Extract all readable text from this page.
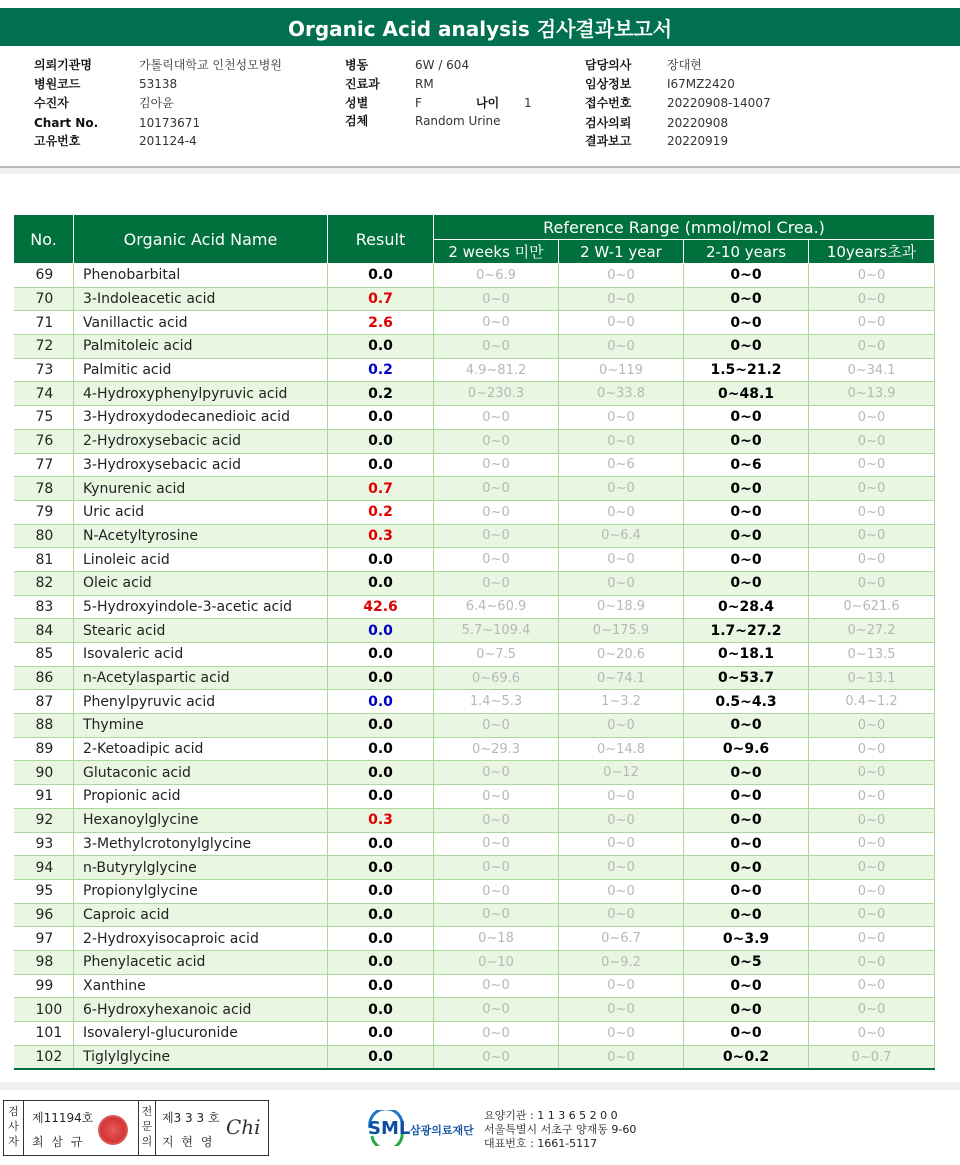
Organic Acid analysis 검사결과보고서
의뢰기관명	가톨릭대학교 인천성모병원
병원코드	53138
수진자	김아윤
Chart No.	10173671
고유번호	201124-4
병동	6W / 604
진료과	RM
성별	F	나이 1
검체	Random Urine
담당의사	장대현
임상정보	I67MZ2420
접수번호	20220908-14007
검사의뢰	20220908
결과보고	20220919
No.	Organic Acid Name	Result	Reference Range (mmol/mol Crea.)			
			2 weeks 미만	2 W-1 year	2-10 years	10years초과
69	Phenobarbital	0.0	0~6.9	0~0	0~0	0~0
70	3-Indoleacetic acid	0.7	0~0	0~0	0~0	0~0
71	Vanillactic acid	2.6	0~0	0~0	0~0	0~0
72	Palmitoleic acid	0.0	0~0	0~0	0~0	0~0
73	Palmitic acid	0.2	4.9~81.2	0~119	1.5~21.2	0~34.1
74	4-Hydroxyphenylpyruvic acid	0.2	0~230.3	0~33.8	0~48.1	0~13.9
75	3-Hydroxydodecanedioic acid	0.0	0~0	0~0	0~0	0~0
76	2-Hydroxysebacic acid	0.0	0~0	0~0	0~0	0~0
77	3-Hydroxysebacic acid	0.0	0~0	0~6	0~6	0~0
78	Kynurenic acid	0.7	0~0	0~0	0~0	0~0
79	Uric acid	0.2	0~0	0~0	0~0	0~0
80	N-Acetyltyrosine	0.3	0~0	0~6.4	0~0	0~0
81	Linoleic acid	0.0	0~0	0~0	0~0	0~0
82	Oleic acid	0.0	0~0	0~0	0~0	0~0
83	5-Hydroxyindole-3-acetic acid	42.6	6.4~60.9	0~18.9	0~28.4	0~621.6
84	Stearic acid	0.0	5.7~109.4	0~175.9	1.7~27.2	0~27.2
85	Isovaleric acid	0.0	0~7.5	0~20.6	0~18.1	0~13.5
86	n-Acetylaspartic acid	0.0	0~69.6	0~74.1	0~53.7	0~13.1
87	Phenylpyruvic acid	0.0	1.4~5.3	1~3.2	0.5~4.3	0.4~1.2
88	Thymine	0.0	0~0	0~0	0~0	0~0
89	2-Ketoadipic acid	0.0	0~29.3	0~14.8	0~9.6	0~0
90	Glutaconic acid	0.0	0~0	0~12	0~0	0~0
91	Propionic acid	0.0	0~0	0~0	0~0	0~0
92	Hexanoylglycine	0.3	0~0	0~0	0~0	0~0
93	3-Methylcrotonylglycine	0.0	0~0	0~0	0~0	0~0
94	n-Butyrylglycine	0.0	0~0	0~0	0~0	0~0
95	Propionylglycine	0.0	0~0	0~0	0~0	0~0
96	Caproic acid	0.0	0~0	0~0	0~0	0~0
97	2-Hydroxyisocaproic acid	0.0	0~18	0~6.7	0~3.9	0~0
98	Phenylacetic acid	0.0	0~10	0~9.2	0~5	0~0
99	Xanthine	0.0	0~0	0~0	0~0	0~0
100	6-Hydroxyhexanoic acid	0.0	0~0	0~0	0~0	0~0
101	Isovaleryl-glucuronide	0.0	0~0	0~0	0~0	0~0
102	Tiglylglycine	0.0	0~0	0~0	0~0.2	0~0.7
검사자
제11194호
최 삼 규
전문의
제3 3 3 호
지 현 영
Chi	SML 삼광의료재단
요양기관 : 1 1 3 6 5 2 0 0
서울특별시 서초구 양재동 9-60
대표번호 : 1661-5117
